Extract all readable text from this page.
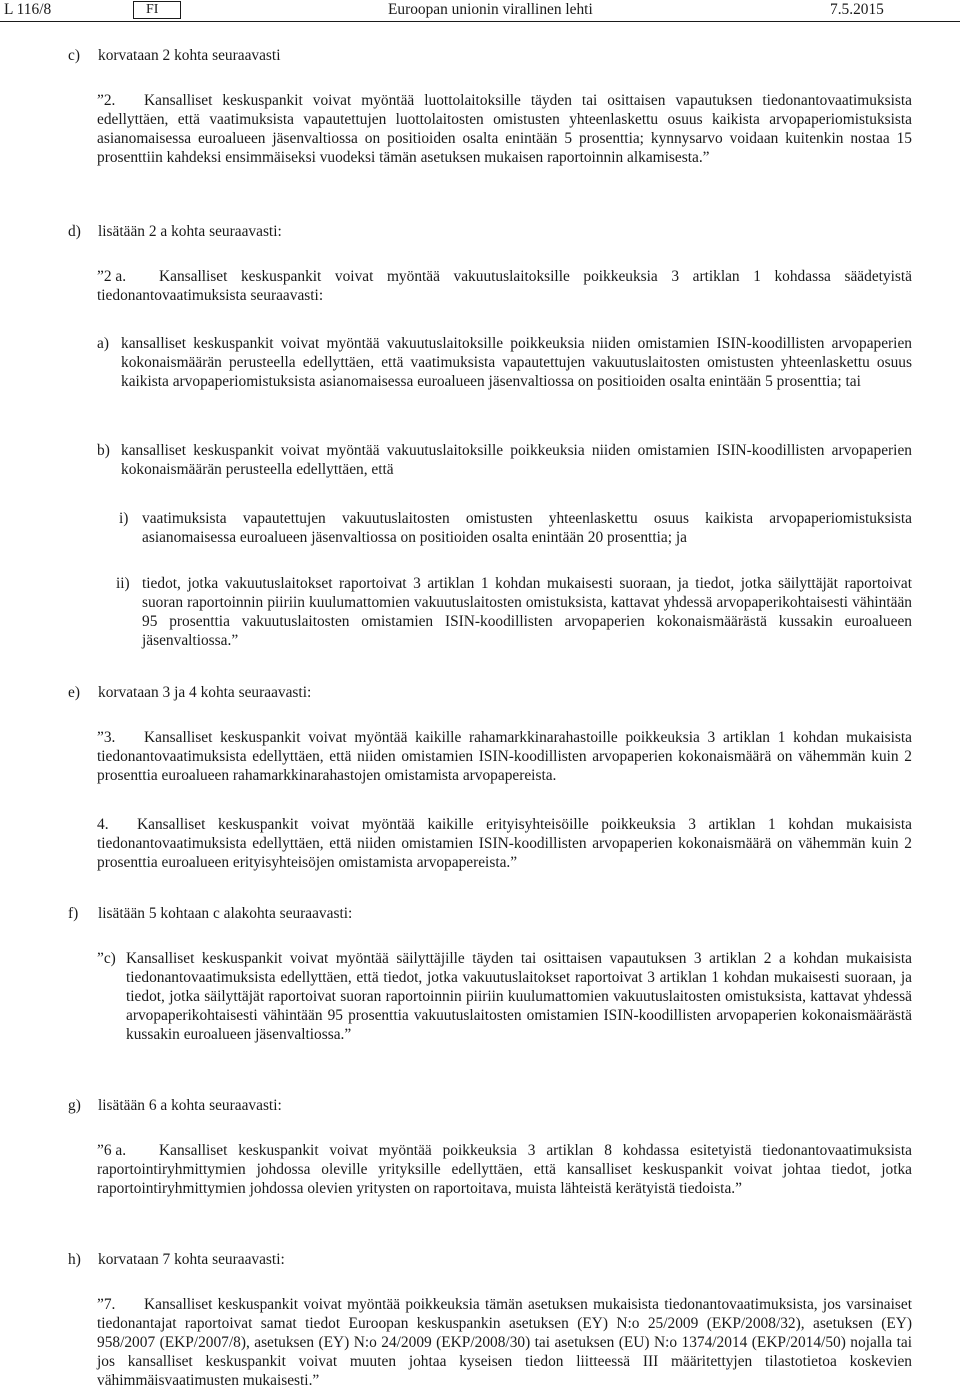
L 116/8	FI	Euroopan unionin virallinen lehti	7.5.2015
c) korvataan 2 kohta seuraavasti
”2. Kansalliset keskuspankit voivat myöntää luottolaitoksille täyden tai osittaisen vapautuksen tiedonantovaatimuksista edellyttäen, että vaatimuksista vapautettujen luottolaitosten omistusten yhteenlaskettu osuus kaikista arvopaperiomistuksista asianomaisessa euroalueen jäsenvaltiossa on positioiden osalta enintään 5 prosenttia; kynnysarvo voidaan kuitenkin nostaa 15 prosenttiin kahdeksi ensimmäiseksi vuodeksi tämän asetuksen mukaisen raportoinnin alkamisesta.”
d) lisätään 2 a kohta seuraavasti:
”2 a. Kansalliset keskuspankit voivat myöntää vakuutuslaitoksille poikkeuksia 3 artiklan 1 kohdassa säädetyistä tiedonantovaatimuksista seuraavasti:
a) kansalliset keskuspankit voivat myöntää vakuutuslaitoksille poikkeuksia niiden omistamien ISIN-koodillisten arvopaperien kokonaismäärän perusteella edellyttäen, että vaatimuksista vapautettujen vakuutuslaitosten omistusten yhteenlaskettu osuus kaikista arvopaperiomistuksista asianomaisessa euroalueen jäsenvaltiossa on positioiden osalta enintään 5 prosenttia; tai
b) kansalliset keskuspankit voivat myöntää vakuutuslaitoksille poikkeuksia niiden omistamien ISIN-koodillisten arvopaperien kokonaismäärän perusteella edellyttäen, että
i) vaatimuksista vapautettujen vakuutuslaitosten omistusten yhteenlaskettu osuus kaikista arvopaperiomistuksista asianomaisessa euroalueen jäsenvaltiossa on positioiden osalta enintään 20 prosenttia; ja
ii) tiedot, jotka vakuutuslaitokset raportoivat 3 artiklan 1 kohdan mukaisesti suoraan, ja tiedot, jotka säilyttäjät raportoivat suoran raportoinnin piiriin kuulumattomien vakuutuslaitosten omistuksista, kattavat yhdessä arvopaperikohtaisesti vähintään 95 prosenttia vakuutuslaitosten omistamien ISIN-koodillisten arvopaperien kokonaismäärästä kussakin euroalueen jäsenvaltiossa.”
e) korvataan 3 ja 4 kohta seuraavasti:
”3. Kansalliset keskuspankit voivat myöntää kaikille rahamarkkinarahastoille poikkeuksia 3 artiklan 1 kohdan mukaisista tiedonantovaatimuksista edellyttäen, että niiden omistamien ISIN-koodillisten arvopaperien kokonaismäärä on vähemmän kuin 2 prosenttia euroalueen rahamarkkinarahastojen omistamista arvopapereista.
4. Kansalliset keskuspankit voivat myöntää kaikille erityisyhteisöille poikkeuksia 3 artiklan 1 kohdan mukaisista tiedonantovaatimuksista edellyttäen, että niiden omistamien ISIN-koodillisten arvopaperien kokonaismäärä on vähemmän kuin 2 prosenttia euroalueen erityisyhteisöjen omistamista arvopapereista.”
f) lisätään 5 kohtaan c alakohta seuraavasti:
”c) Kansalliset keskuspankit voivat myöntää säilyttäjille täyden tai osittaisen vapautuksen 3 artiklan 2 a kohdan mukaisista tiedonantovaatimuksista edellyttäen, että tiedot, jotka vakuutuslaitokset raportoivat 3 artiklan 1 kohdan mukaisesti suoraan, ja tiedot, jotka säilyttäjät raportoivat suoran raportoinnin piiriin kuulumattomien vakuutuslaitosten omistuksista, kattavat yhdessä arvopaperikohtaisesti vähintään 95 prosenttia vakuutuslaitosten omistamien ISIN-koodillisten arvopaperien kokonaismäärästä kussakin euroalueen jäsenvaltiossa.”
g) lisätään 6 a kohta seuraavasti:
”6 a. Kansalliset keskuspankit voivat myöntää poikkeuksia 3 artiklan 8 kohdassa esitetyistä tiedonantovaatimuksista raportointiryhmittymien johdossa oleville yrityksille edellyttäen, että kansalliset keskuspankit voivat johtaa tiedot, jotka raportointiryhmittymien johdossa olevien yritysten on raportoitava, muista lähteistä kerätyistä tiedoista.”
h) korvataan 7 kohta seuraavasti:
”7. Kansalliset keskuspankit voivat myöntää poikkeuksia tämän asetuksen mukaisista tiedonantovaatimuksista, jos varsinaiset tiedonantajat raportoivat samat tiedot Euroopan keskuspankin asetuksen (EY) N:o 25/2009 (EKP/2008/32), asetuksen (EY) 958/2007 (EKP/2007/8), asetuksen (EY) N:o 24/2009 (EKP/2008/30) tai asetuksen (EU) N:o 1374/2014 (EKP/2014/50) nojalla tai jos kansalliset keskuspankit voivat muuten johtaa kyseisen tiedon liitteessä III määritettyjen tilastotietoa koskevien vähimmäisvaatimusten mukaisesti.”
